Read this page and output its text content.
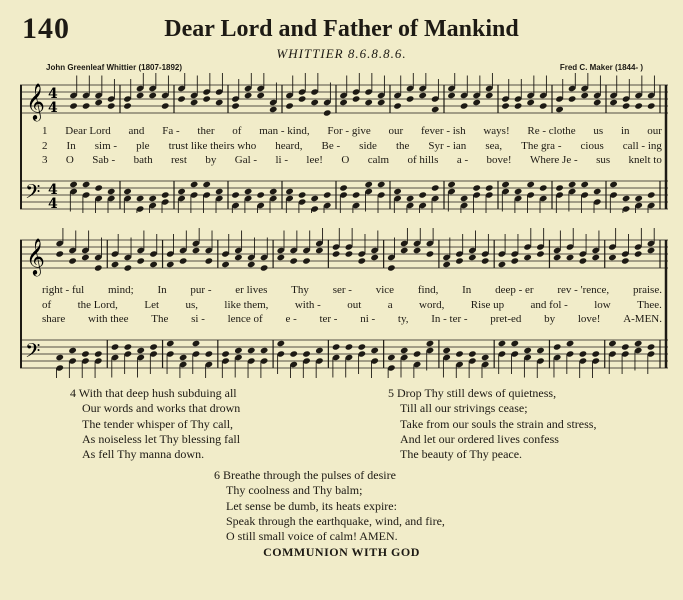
140	Dear Lord and Father of Mankind
WHITTIER 8.6.8.8.6.
John Greenleaf Whittier (1807-1892)	Fred C. Maker (1844- )
𝄞
𝄢
4
4
4
4
1 Dear Lord and Fa - ther of man - kind, For - give our fever - ish ways! Re - clothe us in our
2 In sim - ple trust like theirs who heard, Be - side the Syr - ian sea, The gra - cious call - ing
3 O Sab - bath rest by Gal - li - lee! O calm of hills a - bove! Where Je - sus knelt to
𝄞
𝄢
right - ful mind; In pur - er lives Thy ser - vice find, In deep - er rev - 'rence, praise.
of the Lord, Let us, like them, with - out a word, Rise up and fol - low Thee.
share with thee The si - lence of e - ter - ni - ty, In - ter - pret-ed by love! A-MEN.
4 With that deep hush subduing all
Our words and works that drown
The tender whisper of Thy call,
As noiseless let Thy blessing fall
As fell Thy manna down.
5 Drop Thy still dews of quietness,
Till all our strivings cease;
Take from our souls the strain and stress,
And let our ordered lives confess
The beauty of Thy peace.
6 Breathe through the pulses of desire
Thy coolness and Thy balm;
Let sense be dumb, its heats expire:
Speak through the earthquake, wind, and fire,
O still small voice of calm! AMEN.
COMMUNION WITH GOD
